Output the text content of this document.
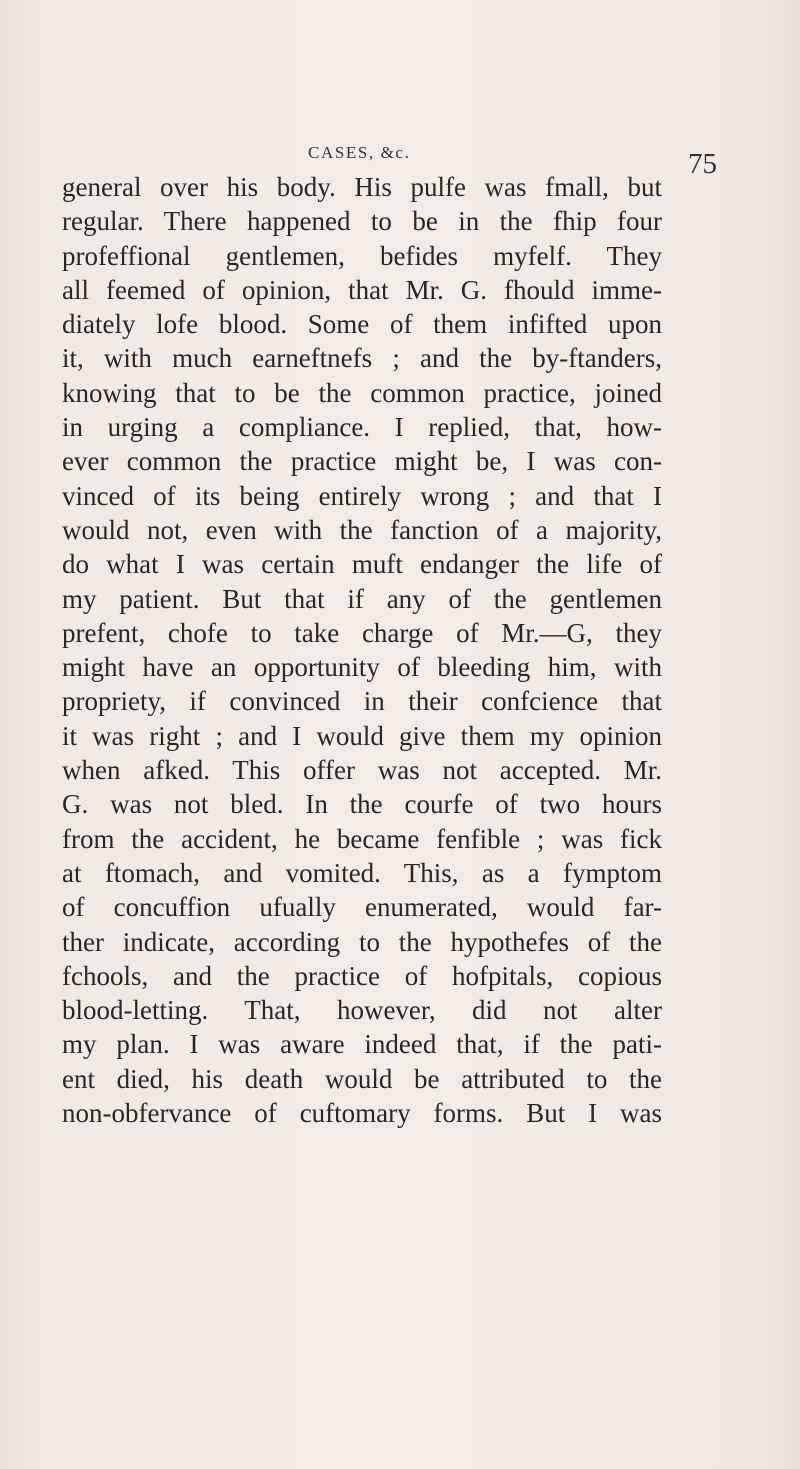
CASES, &c.	75
general over his body. His pulfe was fmall, but
regular. There happened to be in the fhip four
profeffional gentlemen, befides myfelf. They
all feemed of opinion, that Mr. G. fhould imme-
diately lofe blood. Some of them infifted upon
it, with much earneftnefs ; and the by-ftanders,
knowing that to be the common practice, joined
in urging a compliance. I replied, that, how-
ever common the practice might be, I was con-
vinced of its being entirely wrong ; and that I
would not, even with the fanction of a majority,
do what I was certain muft endanger the life of
my patient. But that if any of the gentlemen
prefent, chofe to take charge of Mr.—G, they
might have an opportunity of bleeding him, with
propriety, if convinced in their confcience that
it was right ; and I would give them my opinion
when afked. This offer was not accepted. Mr.
G. was not bled. In the courfe of two hours
from the accident, he became fenfible ; was fick
at ftomach, and vomited. This, as a fymptom
of concuffion ufually enumerated, would far-
ther indicate, according to the hypothefes of the
fchools, and the practice of hofpitals, copious
blood-letting. That, however, did not alter
my plan. I was aware indeed that, if the pati-
ent died, his death would be attributed to the
non-obfervance of cuftomary forms. But I was
